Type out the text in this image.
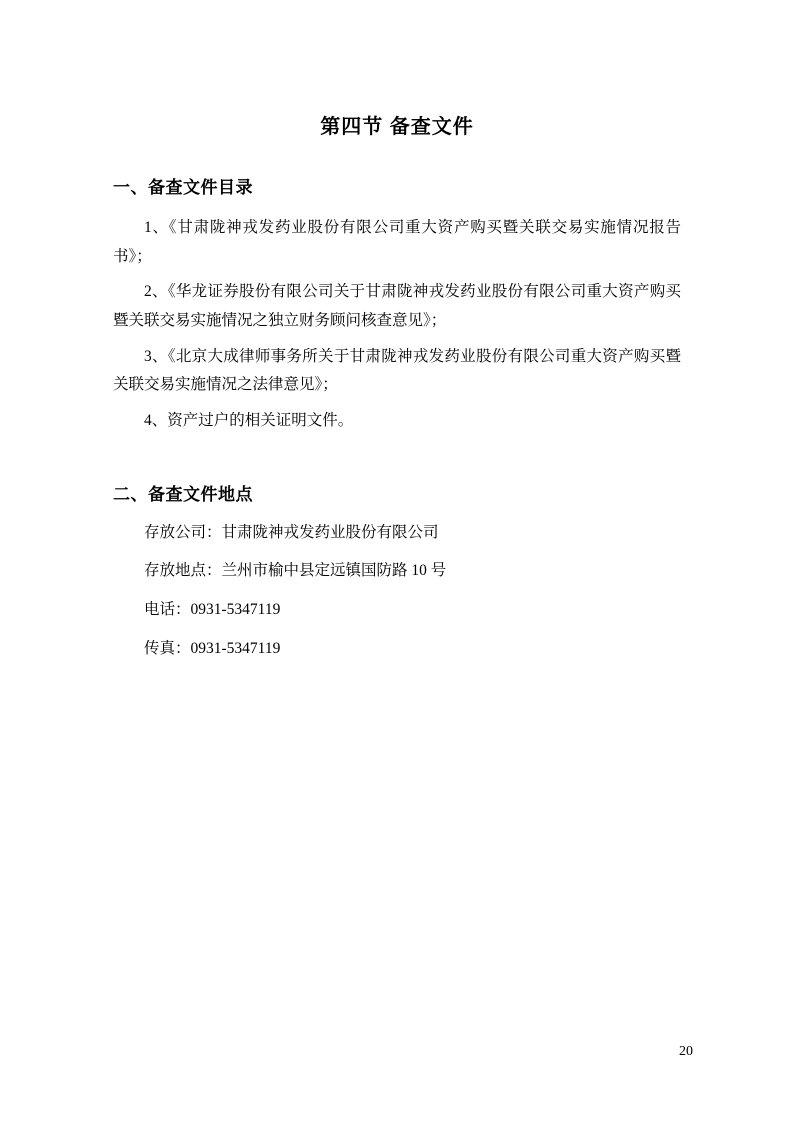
第四节 备查文件
一、备查文件目录

1、《甘肃陇神戎发药业股份有限公司重大资产购买暨关联交易实施情况报告书》；

2、《华龙证券股份有限公司关于甘肃陇神戎发药业股份有限公司重大资产购买暨关联交易实施情况之独立财务顾问核查意见》；

3、《北京大成律师事务所关于甘肃陇神戎发药业股份有限公司重大资产购买暨关联交易实施情况之法律意见》；

4、资产过户的相关证明文件。

二、备查文件地点

存放公司：甘肃陇神戎发药业股份有限公司

存放地点：兰州市榆中县定远镇国防路 10 号

电话：0931-5347119

传真：0931-5347119

20
